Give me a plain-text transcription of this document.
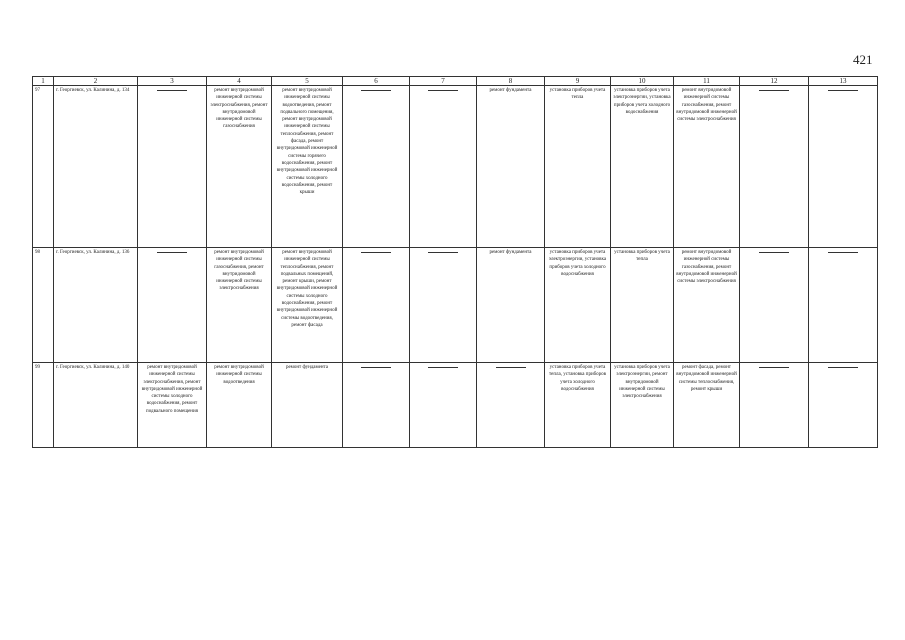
421
1	2	3	4	5	6	7	8	9	10	11	12	13
97	г. Георгиевск, ул. Калинина, д. 134		ремонт внутридомовой инженерной системы электроснабжения, ремонт внутридомовой инженерной системы газоснабжения	ремонт внутридомовой инженерной системы водоотведения, ремонт подвального помещения, ремонт внутридомовой инженерной системы теплоснабжения, ремонт фасада, ремонт внутридомовой инженерной системы горячего водоснабжения, ремонт внутридомовой инженерной системы холодного водоснабжения, ремонт крыши			ремонт фундамента	установка приборов учета тепла	установка приборов учета электроэнергии, установка приборов учета холодного водоснабжения	ремонт внутридомовой инженерной системы газоснабжения, ремонт внутридомовой инженерной системы электроснабжения	

98	г. Георгиевск, ул. Калинина, д. 136		ремонт внутридомовой инженерной системы газоснабжения, ремонт внутридомовой инженерной системы электроснабжения	ремонт внутридомовой инженерной системы теплоснабжения, ремонт подвальных помещений, ремонт крыши, ремонт внутридомовой инженерной системы холодного водоснабжения, ремонт внутридомовой инженерной системы водоотведения, ремонт фасада			ремонт фундамента	установка приборов учета электроэнергии, установка приборов учета холодного водоснабжения	установка приборов учета тепла	ремонт внутридомовой инженерной системы газоснабжения, ремонт внутридомовой инженерной системы электроснабжения	

99	г. Георгиевск, ул. Калинина, д. 140	ремонт внутридомовой инженерной системы электроснабжения, ремонт внутридомовой инженерной системы холодного водоснабжения, ремонт подвального помещения	ремонт внутридомовой инженерной системы водоотведения	ремонт фундамента				установка приборов учета тепла, установка приборов учета холодного водоснабжения	установка приборов учета электроэнергии, ремонт внутридомовой инженерной системы электроснабжения	ремонт фасада, ремонт внутридомовой инженерной системы теплоснабжения, ремонт крыши	
